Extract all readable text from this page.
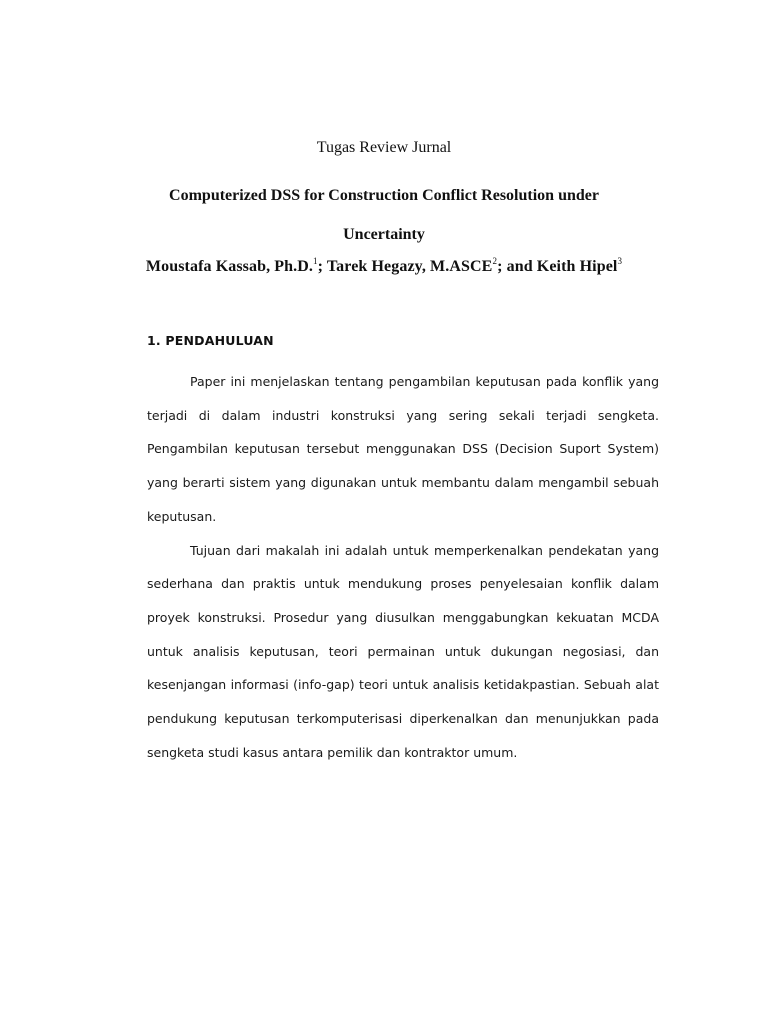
Tugas Review Jurnal
Computerized DSS for Construction Conflict Resolution under
Uncertainty
Moustafa Kassab, Ph.D.$^1$; Tarek Hegazy, M.ASCE$^2$; and Keith Hipel$^3$
1. PENDAHULUAN

Paper ini menjelaskan tentang pengambilan keputusan pada konflik yang terjadi di dalam industri konstruksi yang sering sekali terjadi sengketa. Pengambilan keputusan tersebut menggunakan DSS (Decision Suport System) yang berarti sistem yang digunakan untuk membantu dalam mengambil sebuah keputusan.

Tujuan dari makalah ini adalah untuk memperkenalkan pendekatan yang sederhana dan praktis untuk mendukung proses penyelesaian konflik dalam proyek konstruksi. Prosedur yang diusulkan menggabungkan kekuatan MCDA untuk analisis keputusan, teori permainan untuk dukungan negosiasi, dan kesenjangan informasi (info-gap) teori untuk analisis ketidakpastian. Sebuah alat pendukung keputusan terkomputerisasi diperkenalkan dan menunjukkan pada sengketa studi kasus antara pemilik dan kontraktor umum.
